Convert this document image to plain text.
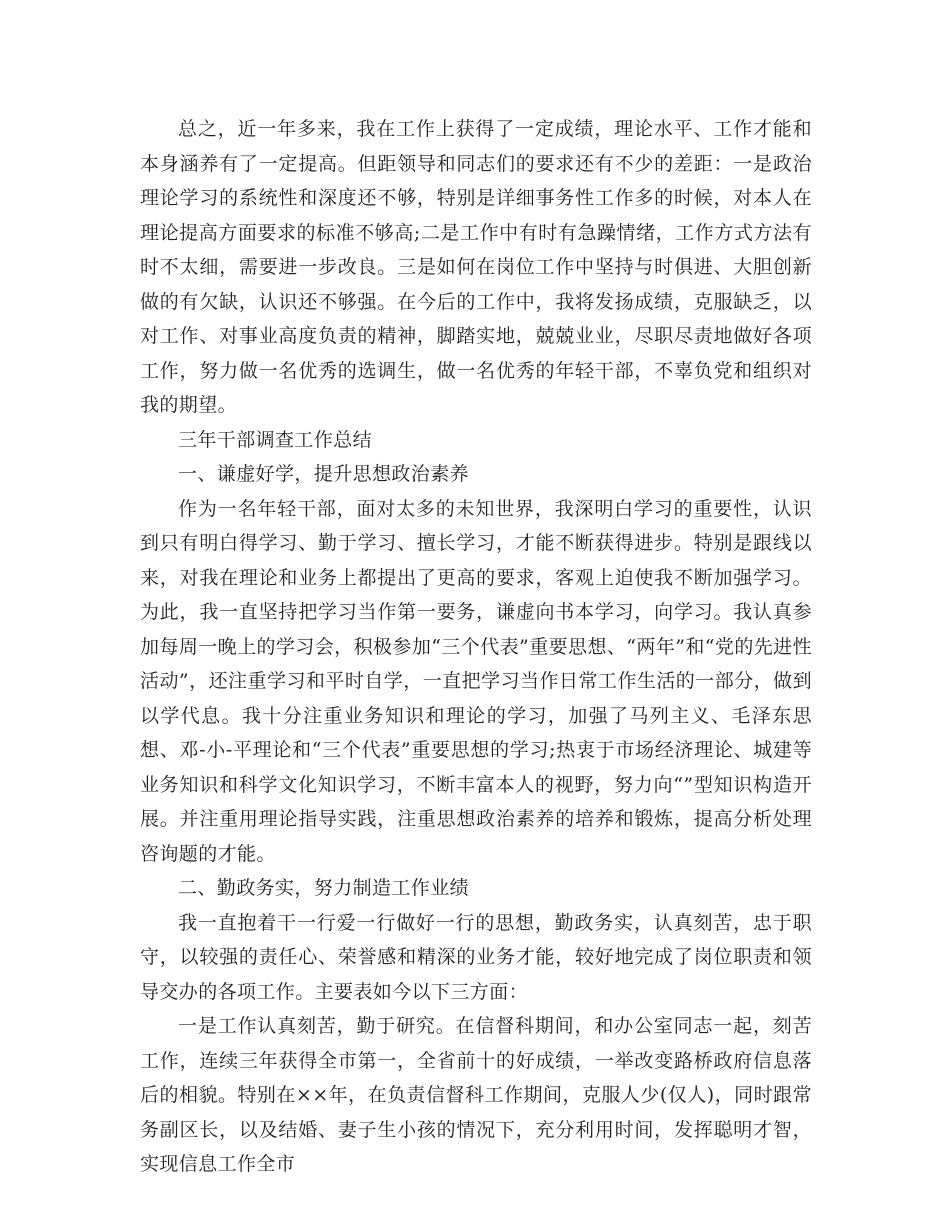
总之，近一年多来，我在工作上获得了一定成绩，理论水平、工作才能和本身涵养有了一定提高。但距领导和同志们的要求还有不少的差距：一是政治理论学习的系统性和深度还不够，特别是详细事务性工作多的时候，对本人在理论提高方面要求的标准不够高;二是工作中有时有急躁情绪，工作方式方法有时不太细，需要进一步改良。三是如何在岗位工作中坚持与时俱进、大胆创新做的有欠缺，认识还不够强。在今后的工作中，我将发扬成绩，克服缺乏，以对工作、对事业高度负责的精神，脚踏实地，兢兢业业，尽职尽责地做好各项工作，努力做一名优秀的选调生，做一名优秀的年轻干部，不辜负党和组织对我的期望。

三年干部调查工作总结

一、谦虚好学，提升思想政治素养

作为一名年轻干部，面对太多的未知世界，我深明白学习的重要性，认识到只有明白得学习、勤于学习、擅长学习，才能不断获得进步。特别是跟线以来，对我在理论和业务上都提出了更高的要求，客观上迫使我不断加强学习。为此，我一直坚持把学习当作第一要务，谦虚向书本学习，向学习。我认真参加每周一晚上的学习会，积极参加“三个代表”重要思想、“两年”和“党的先进性活动”，还注重学习和平时自学，一直把学习当作日常工作生活的一部分，做到以学代息。我十分注重业务知识和理论的学习，加强了马列主义、毛泽东思想、邓-小-平理论和“三个代表”重要思想的学习;热衷于市场经济理论、城建等业务知识和科学文化知识学习，不断丰富本人的视野，努力向“”型知识构造开展。并注重用理论指导实践，注重思想政治素养的培养和锻炼，提高分析处理咨询题的才能。

二、勤政务实，努力制造工作业绩

我一直抱着干一行爱一行做好一行的思想，勤政务实，认真刻苦，忠于职守，以较强的责任心、荣誉感和精深的业务才能，较好地完成了岗位职责和领导交办的各项工作。主要表如今以下三方面：

一是工作认真刻苦，勤于研究。在信督科期间，和办公室同志一起，刻苦工作，连续三年获得全市第一，全省前十的好成绩，一举改变路桥政府信息落后的相貌。特别在××年，在负责信督科工作期间，克服人少(仅人)，同时跟常务副区长，以及结婚、妻子生小孩的情况下，充分利用时间，发挥聪明才智，实现信息工作全市
